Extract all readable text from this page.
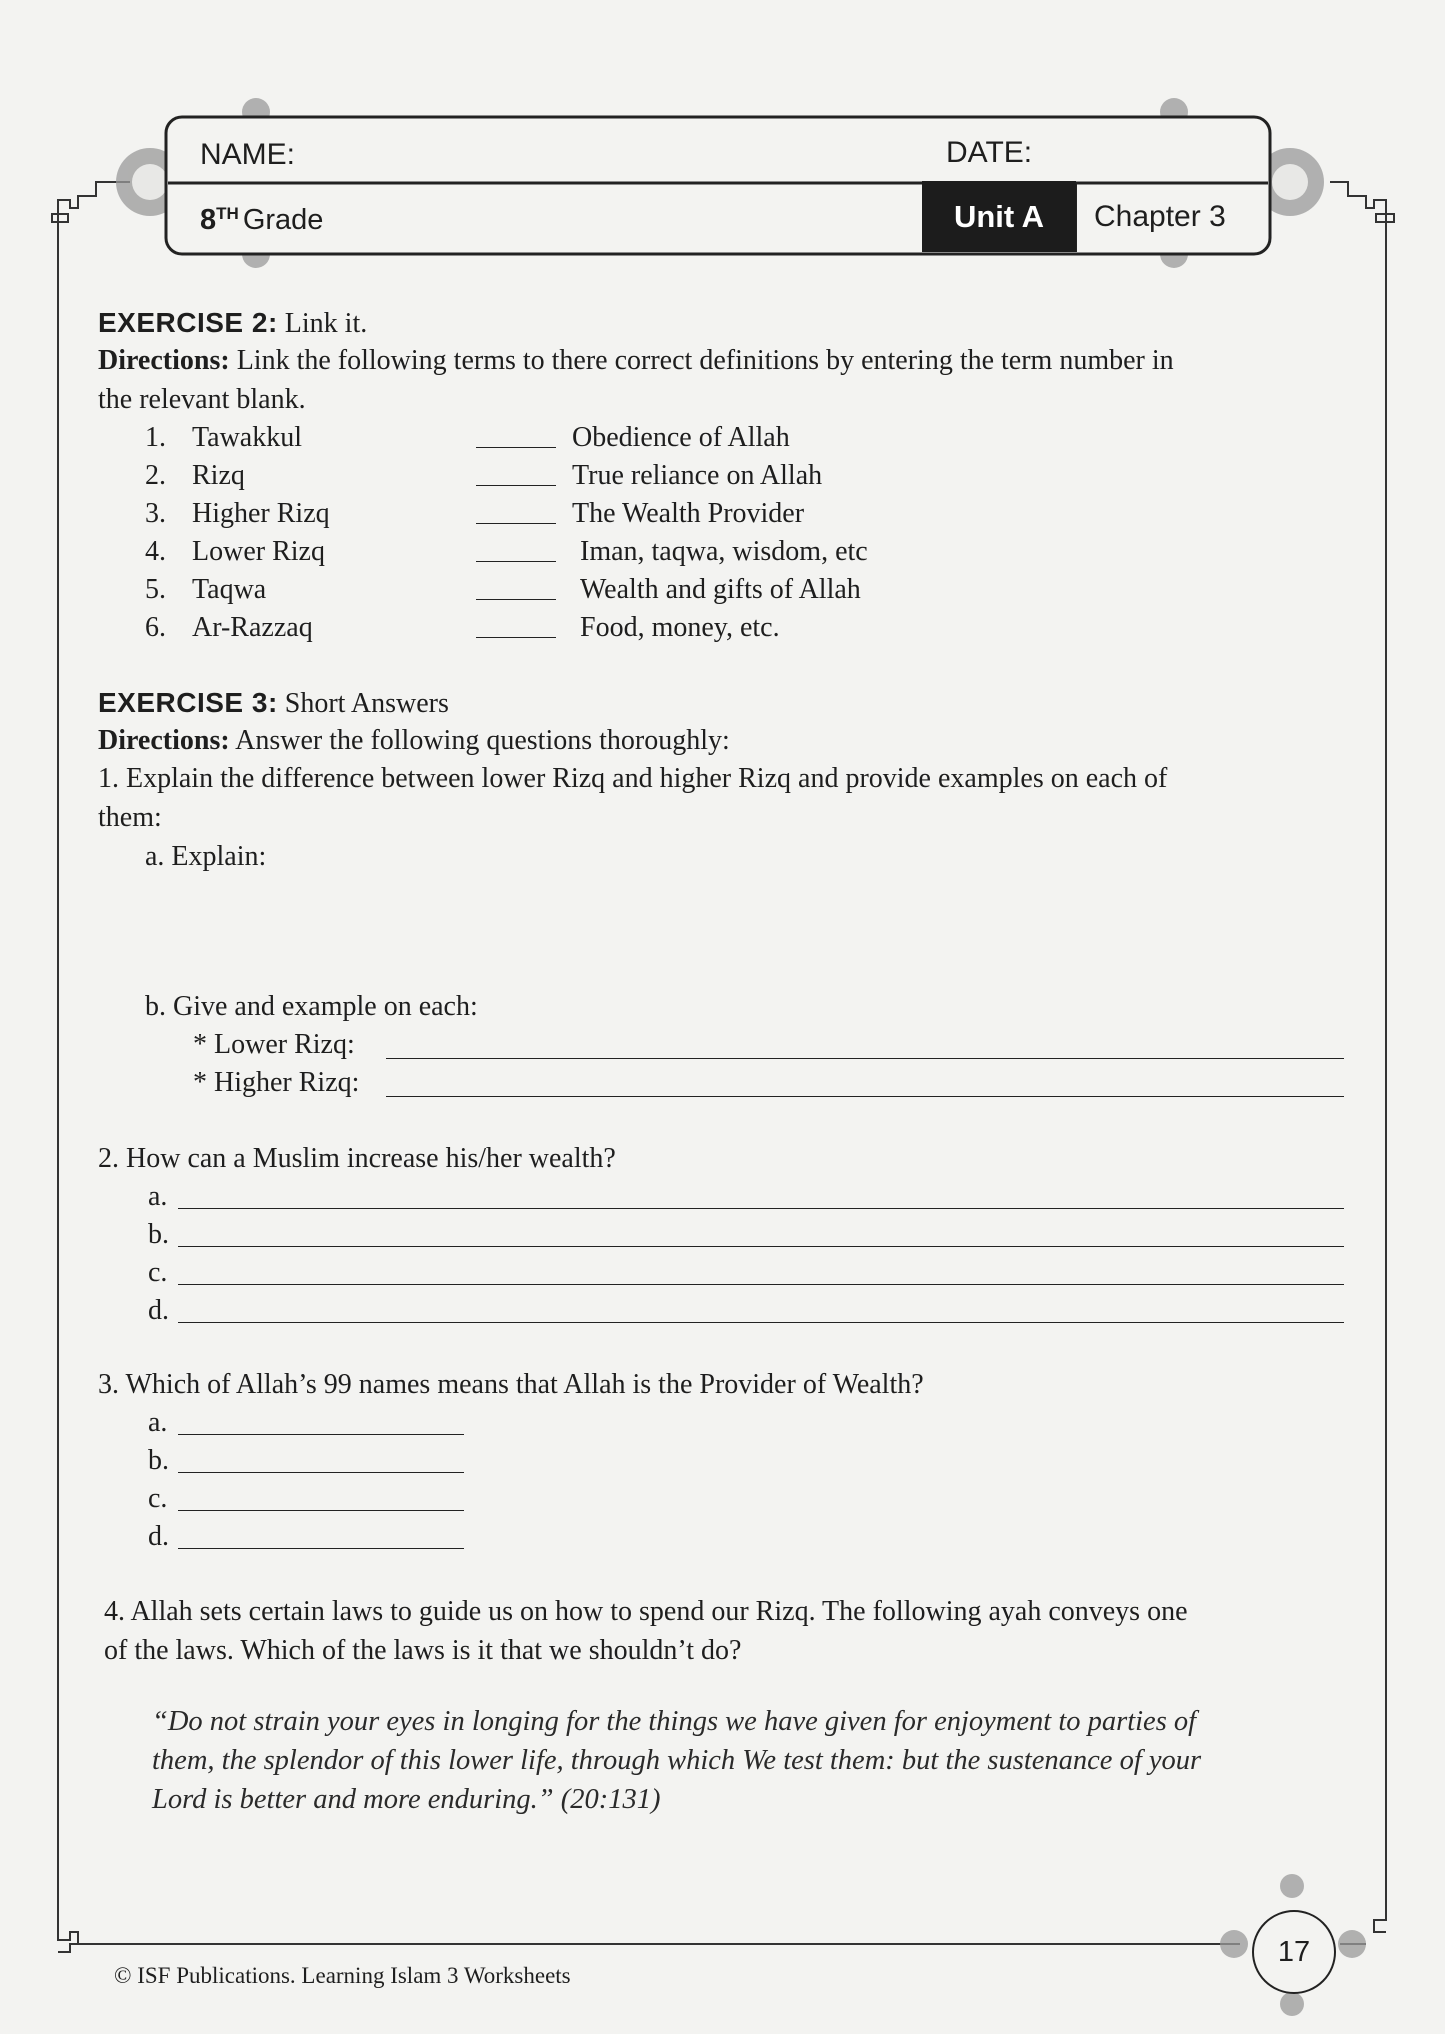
NAME:	DATE:
8TH Grade	Unit A	Chapter 3
EXERCISE 2: Link it.
Directions: Link the following terms to there correct definitions by entering the term number in
the relevant blank.
1. Tawakkul	Obedience of Allah
2. Rizq	True reliance on Allah
3. Higher Rizq	The Wealth Provider
4. Lower Rizq	Iman, taqwa, wisdom, etc
5. Taqwa	Wealth and gifts of Allah
6. Ar-Razzaq	Food, money, etc.
EXERCISE 3: Short Answers
Directions: Answer the following questions thoroughly:
1. Explain the difference between lower Rizq and higher Rizq and provide examples on each of
them:
a. Explain:
b. Give and example on each:
* Lower Rizq:
* Higher Rizq:
2. How can a Muslim increase his/her wealth?
a.
b.
c.
d.
3. Which of Allah’s 99 names means that Allah is the Provider of Wealth?
a.
b.
c.
d.
4. Allah sets certain laws to guide us on how to spend our Rizq. The following ayah conveys one
of the laws. Which of the laws is it that we shouldn’t do?
“Do not strain your eyes in longing for the things we have given for enjoyment to parties of
them, the splendor of this lower life, through which We test them: but the sustenance of your
Lord is better and more enduring.” (20:131)
17
© ISF Publications. Learning Islam 3 Worksheets
